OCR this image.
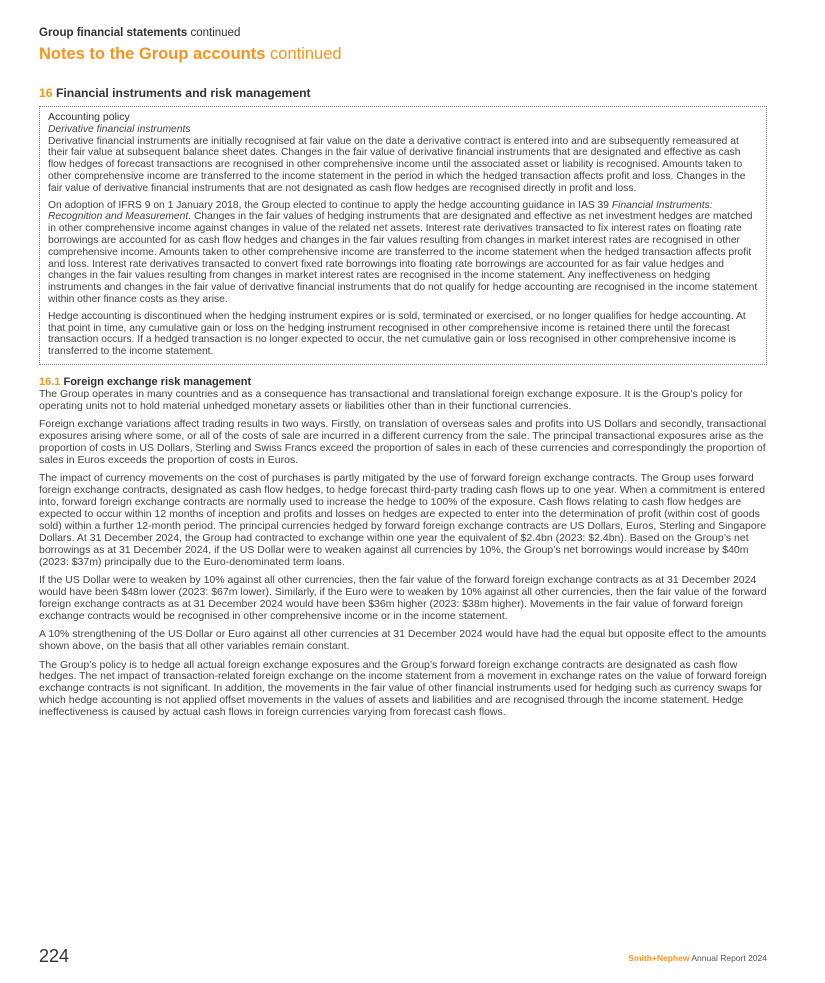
Group financial statements continued
Notes to the Group accounts continued
16 Financial instruments and risk management
Accounting policy
Derivative financial instruments

Derivative financial instruments are initially recognised at fair value on the date a derivative contract is entered into and are subsequently remeasured at their fair value at subsequent balance sheet dates. Changes in the fair value of derivative financial instruments that are designated and effective as cash flow hedges of forecast transactions are recognised in other comprehensive income until the associated asset or liability is recognised. Amounts taken to other comprehensive income are transferred to the income statement in the period in which the hedged transaction affects profit and loss. Changes in the fair value of derivative financial instruments that are not designated as cash flow hedges are recognised directly in profit and loss.

On adoption of IFRS 9 on 1 January 2018, the Group elected to continue to apply the hedge accounting guidance in IAS 39 Financial Instruments: Recognition and Measurement. Changes in the fair values of hedging instruments that are designated and effective as net investment hedges are matched in other comprehensive income against changes in value of the related net assets. Interest rate derivatives transacted to fix interest rates on floating rate borrowings are accounted for as cash flow hedges and changes in the fair values resulting from changes in market interest rates are recognised in other comprehensive income. Amounts taken to other comprehensive income are transferred to the income statement when the hedged transaction affects profit and loss. Interest rate derivatives transacted to convert fixed rate borrowings into floating rate borrowings are accounted for as fair value hedges and changes in the fair values resulting from changes in market interest rates are recognised in the income statement. Any ineffectiveness on hedging instruments and changes in the fair value of derivative financial instruments that do not qualify for hedge accounting are recognised in the income statement within other finance costs as they arise.

Hedge accounting is discontinued when the hedging instrument expires or is sold, terminated or exercised, or no longer qualifies for hedge accounting. At that point in time, any cumulative gain or loss on the hedging instrument recognised in other comprehensive income is retained there until the forecast transaction occurs. If a hedged transaction is no longer expected to occur, the net cumulative gain or loss recognised in other comprehensive income is transferred to the income statement.

16.1 Foreign exchange risk management

The Group operates in many countries and as a consequence has transactional and translational foreign exchange exposure. It is the Group’s policy for operating units not to hold material unhedged monetary assets or liabilities other than in their functional currencies.

Foreign exchange variations affect trading results in two ways. Firstly, on translation of overseas sales and profits into US Dollars and secondly, transactional exposures arising where some, or all of the costs of sale are incurred in a different currency from the sale. The principal transactional exposures arise as the proportion of costs in US Dollars, Sterling and Swiss Francs exceed the proportion of sales in each of these currencies and correspondingly the proportion of sales in Euros exceeds the proportion of costs in Euros.

The impact of currency movements on the cost of purchases is partly mitigated by the use of forward foreign exchange contracts. The Group uses forward foreign exchange contracts, designated as cash flow hedges, to hedge forecast third-party trading cash flows up to one year. When a commitment is entered into, forward foreign exchange contracts are normally used to increase the hedge to 100% of the exposure. Cash flows relating to cash flow hedges are expected to occur within 12 months of inception and profits and losses on hedges are expected to enter into the determination of profit (within cost of goods sold) within a further 12-month period. The principal currencies hedged by forward foreign exchange contracts are US Dollars, Euros, Sterling and Singapore Dollars. At 31 December 2024, the Group had contracted to exchange within one year the equivalent of $2.4bn (2023: $2.4bn). Based on the Group’s net borrowings as at 31 December 2024, if the US Dollar were to weaken against all currencies by 10%, the Group’s net borrowings would increase by $40m (2023: $37m) principally due to the Euro-denominated term loans.

If the US Dollar were to weaken by 10% against all other currencies, then the fair value of the forward foreign exchange contracts as at 31 December 2024 would have been $48m lower (2023: $67m lower). Similarly, if the Euro were to weaken by 10% against all other currencies, then the fair value of the forward foreign exchange contracts as at 31 December 2024 would have been $36m higher (2023: $38m higher). Movements in the fair value of forward foreign exchange contracts would be recognised in other comprehensive income or in the income statement.

A 10% strengthening of the US Dollar or Euro against all other currencies at 31 December 2024 would have had the equal but opposite effect to the amounts shown above, on the basis that all other variables remain constant.

The Group’s policy is to hedge all actual foreign exchange exposures and the Group’s forward foreign exchange contracts are designated as cash flow hedges. The net impact of transaction-related foreign exchange on the income statement from a movement in exchange rates on the value of forward foreign exchange contracts is not significant. In addition, the movements in the fair value of other financial instruments used for hedging such as currency swaps for which hedge accounting is not applied offset movements in the values of assets and liabilities and are recognised through the income statement. Hedge ineffectiveness is caused by actual cash flows in foreign currencies varying from forecast cash flows.

224	Smith+Nephew Annual Report 2024
